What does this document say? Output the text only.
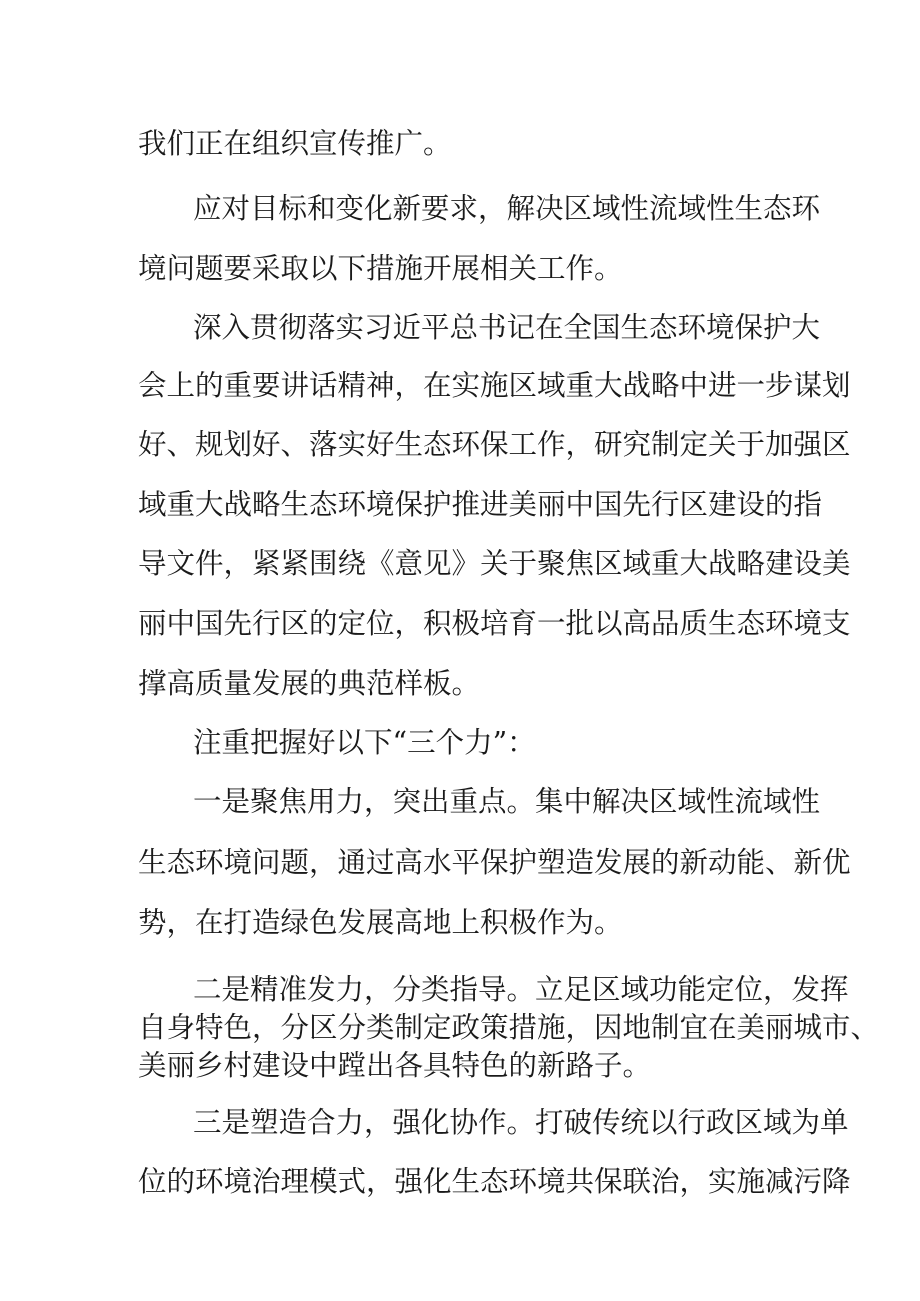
我们正在组织宣传推广。
应对目标和变化新要求，解决区域性流域性生态环
境问题要采取以下措施开展相关工作。
深入贯彻落实习近平总书记在全国生态环境保护大
会上的重要讲话精神，在实施区域重大战略中进一步谋划
好、规划好、落实好生态环保工作，研究制定关于加强区
域重大战略生态环境保护推进美丽中国先行区建设的指
导文件，紧紧围绕《意见》关于聚焦区域重大战略建设美
丽中国先行区的定位，积极培育一批以高品质生态环境支
撑高质量发展的典范样板。
注重把握好以下“三个力”：
一是聚焦用力，突出重点。集中解决区域性流域性
生态环境问题，通过高水平保护塑造发展的新动能、新优
势，在打造绿色发展高地上积极作为。
二是精准发力，分类指导。立足区域功能定位，发挥
自身特色，分区分类制定政策措施，因地制宜在美丽城市、
美丽乡村建设中蹚出各具特色的新路子。
三是塑造合力，强化协作。打破传统以行政区域为单
位的环境治理模式，强化生态环境共保联治，实施减污降
